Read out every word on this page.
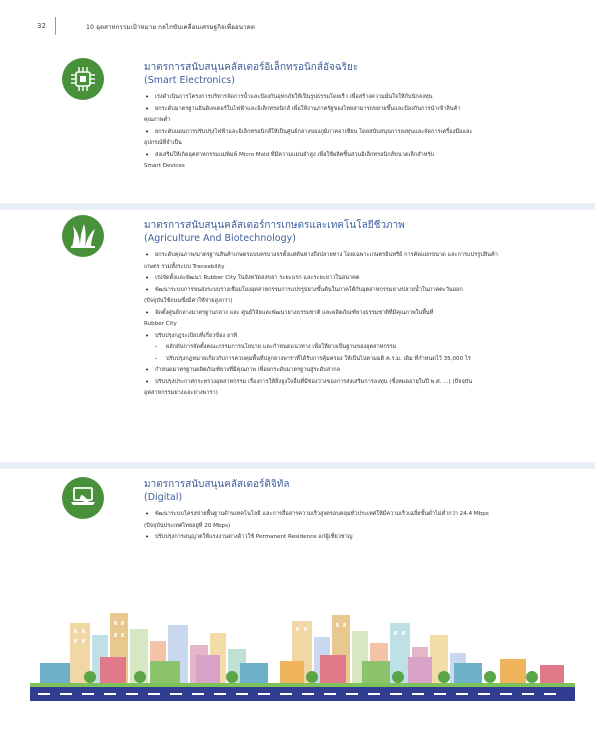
32	10 อุตสาหกรรมเป้าหมาย กลไกขับเคลื่อนเศรษฐกิจเพื่ออนาคต
มาตรการสนับสนุนคลัสเตอร์อิเล็กทรอนิกส์อัจฉริยะ
(Smart Electronics)
• เร่งดำเนินการโครงการบริหารจัดการน้ำและป้องกันอุทกภัยให้เป็นรูปธรรมโดยเร็ว เพื่อสร้างความมั่นใจให้กับนักลงทุน
• ยกระดับมาตรฐานอินดิเคเตอร์ในไฟฟ้าและอิเล็กทรอนิกส์ เพื่อให้งานภาครัฐของไทยสามารถขยายขึ้นและป้องกันการนำเข้าสินค้า
คุณภาพต่ำ
• ยกระดับแผนการปรับปรุงไฟฟ้าและอิเล็กทรอนิกส์ให้เป็นศูนย์กลางของภูมิภาคอาเซียน โดยสนับสนุนการลงทุนและจัดการเครื่องมือและ
อุปกรณ์ที่จำเป็น
• ส่งเสริมให้เกิดอุตสาหกรรมแม่พิมพ์ Micro Mold ที่มีความแม่นยำสูง เพื่อใช้ผลิตชิ้นส่วนอิเล็กทรอนิกส์ขนาดเล็กสำหรับ
Smart Devices
มาตรการสนับสนุนคลัสเตอร์การเกษตรและเทคโนโลยีชีวภาพ
(Agriculture And Biotechnology)
• ยกระดับคุณภาพ/มาตรฐานสินค้าเกษตรแบบครบวงจรตั้งแต่ต้นทางถึงปลายทาง โดยเฉพาะเกษตรอินทรีย์ การคัดแยกขนาด และการแปรรูปสินค้า
เกษตร รวมทั้งระบบ Traceability
• เร่งจัดตั้งและพัฒนา Rubber City ในจังหวัดสงขลา ระยะแรก และระยะยาวในอนาคต
• พัฒนาระบบการขนส่งระบบรางเชื่อมโยงอุตสาหกรรมการแปรรูปยางขั้นต้นในภาคใต้กับอุตสาหกรรมยางปลายน้ำในภาคตะวันออก
(ปัจจุบันใช้ถนนซึ่งมีค่าใช้จ่ายสูงกว่า)
• จัดตั้งศูนย์กลางมาตรฐานกลาง และ ศูนย์วิจัยและพัฒนายางธรรมชาติ และผลิตภัณฑ์ยางธรรมชาติที่มีคุณภาพในพื้นที่
Rubber City
• ปรับปรุงกฎระเบียบที่เกี่ยวข้อง อาทิ
- ผลักดันการจัดตั้งคณะกรรมการนโยบาย และกำหนดแนวทาง เพื่อให้ยางเป็นฐานของอุตสาหกรรม
- ปรับปรุงกฎหมายเกี่ยวกับการควบคุมพื้นที่ปลูกยางพาราที่ได้รับการคุ้มครอง ให้เป็นไปตามมติ ค.ร.ม. เดิม ที่กำหนดไว้ 35,000 ไร่
• กำหนดมาตรฐานผลิตภัณฑ์ยางที่มีคุณภาพ เพื่อยกระดับมาตรฐานสู่ระดับสากล
• ปรับปรุงประกาศกระทรวงอุตสาหกรรม เรื่องการให้สิ่งจูงใจอื่นที่มีช่องว่างของการส่งเสริมการลงทุน (ซึ่งหมดอายุในปี พ.ศ. ...) (ปัจจุบัน
อุตสาหกรรมยางและยางพารา)
มาตรการสนับสนุนคลัสเตอร์ดิจิทัล
(Digital)
• พัฒนาระบบโครงข่ายพื้นฐานด้านเทคโนโลยี และการสื่อสารความเร็วสูงครอบคลุมทั่วประเทศให้มีความเร็วเฉลี่ยขั้นต่ำไม่ต่ำกว่า 24.4 Mbps
(ปัจจุบันประเทศไทยอยู่ที่ 20 Mbps)
• ปรับปรุงการอนุญาตให้แรงงานต่างด้าวใช้ Permanent Residence แก่ผู้เชี่ยวชาญ
